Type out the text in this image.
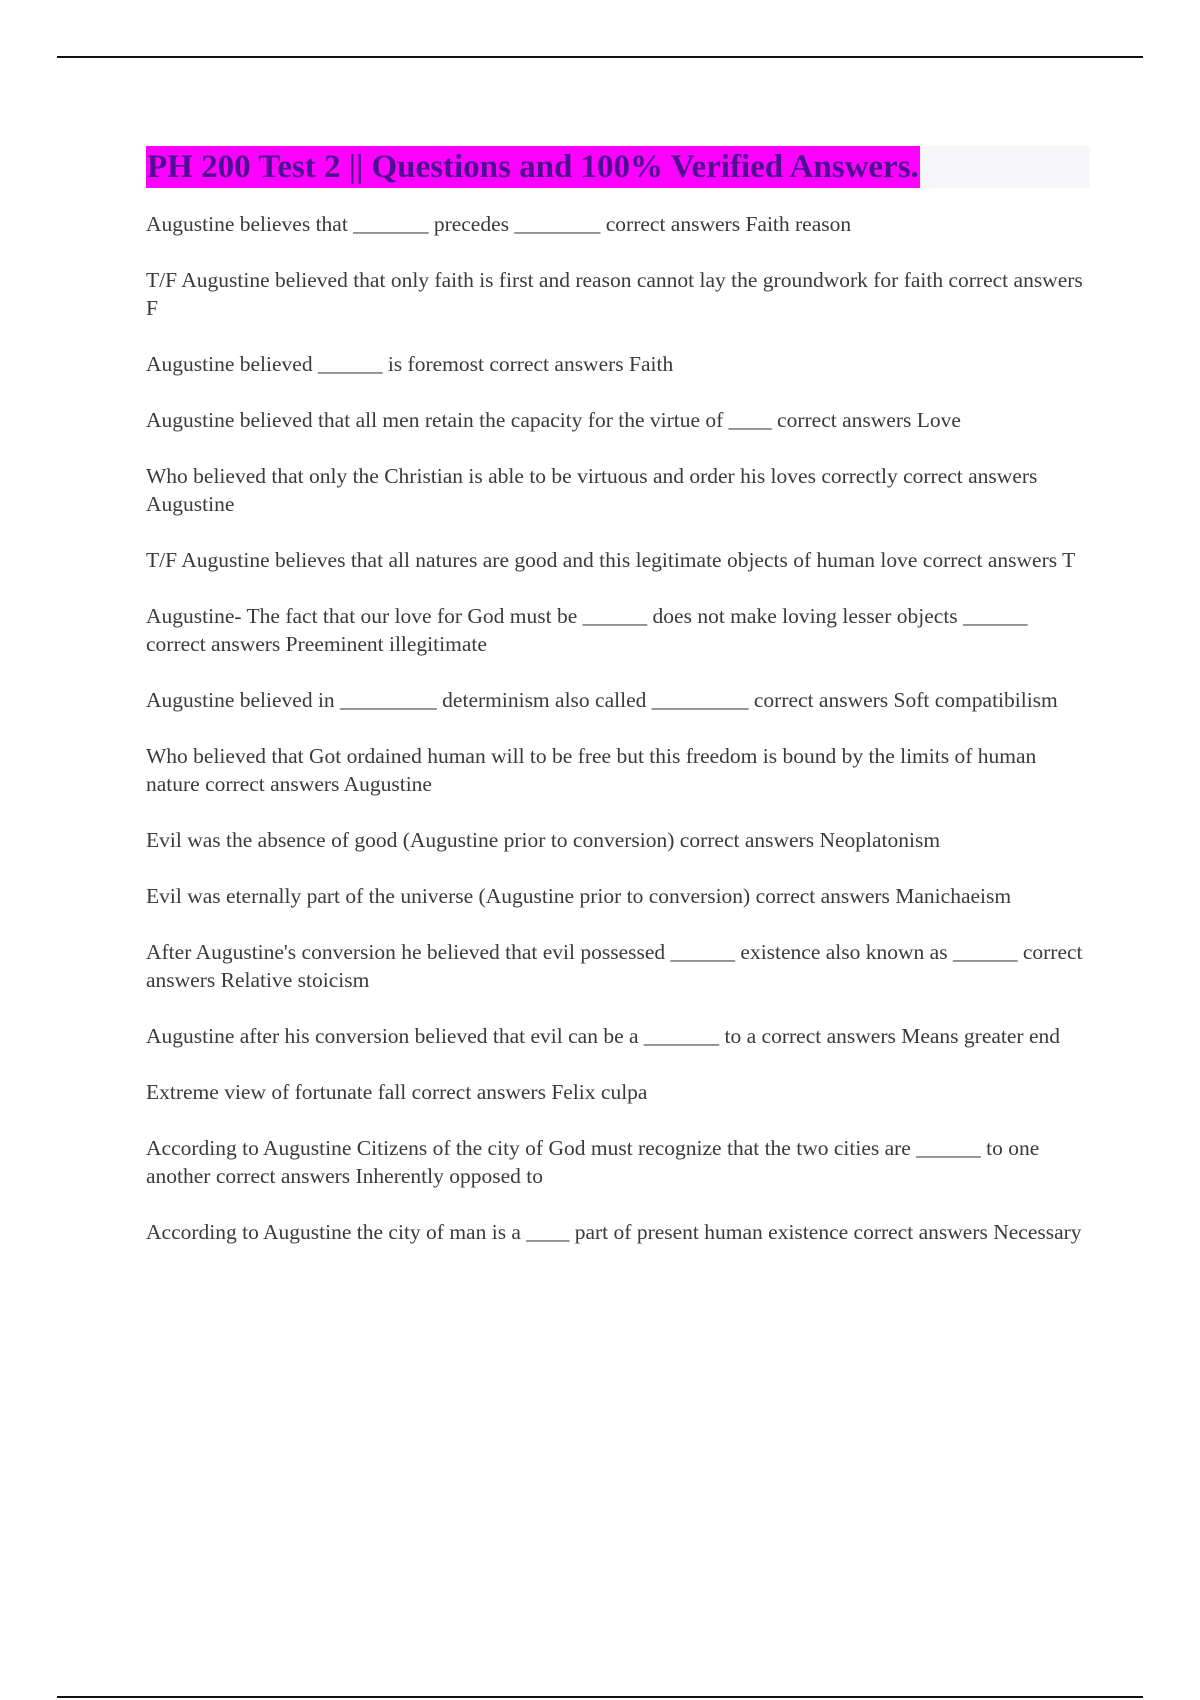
PH 200 Test 2 || Questions and 100% Verified Answers.
Augustine believes that _______ precedes ________ correct answers Faith reason
T/F Augustine believed that only faith is first and reason cannot lay the groundwork for faith correct answers F
Augustine believed ______ is foremost correct answers Faith
Augustine believed that all men retain the capacity for the virtue of ____ correct answers Love
Who believed that only the Christian is able to be virtuous and order his loves correctly correct answers Augustine
T/F Augustine believes that all natures are good and this legitimate objects of human love correct answers T
Augustine- The fact that our love for God must be ______ does not make loving lesser objects ______ correct answers Preeminent illegitimate
Augustine believed in _________ determinism also called _________ correct answers Soft compatibilism
Who believed that Got ordained human will to be free but this freedom is bound by the limits of human nature correct answers Augustine
Evil was the absence of good (Augustine prior to conversion) correct answers Neoplatonism
Evil was eternally part of the universe (Augustine prior to conversion) correct answers Manichaeism
After Augustine's conversion he believed that evil possessed ______ existence also known as ______ correct answers Relative stoicism
Augustine after his conversion believed that evil can be a _______ to a correct answers Means greater end
Extreme view of fortunate fall correct answers Felix culpa
According to Augustine Citizens of the city of God must recognize that the two cities are ______ to one another correct answers Inherently opposed to
According to Augustine the city of man is a ____ part of present human existence correct answers Necessary
